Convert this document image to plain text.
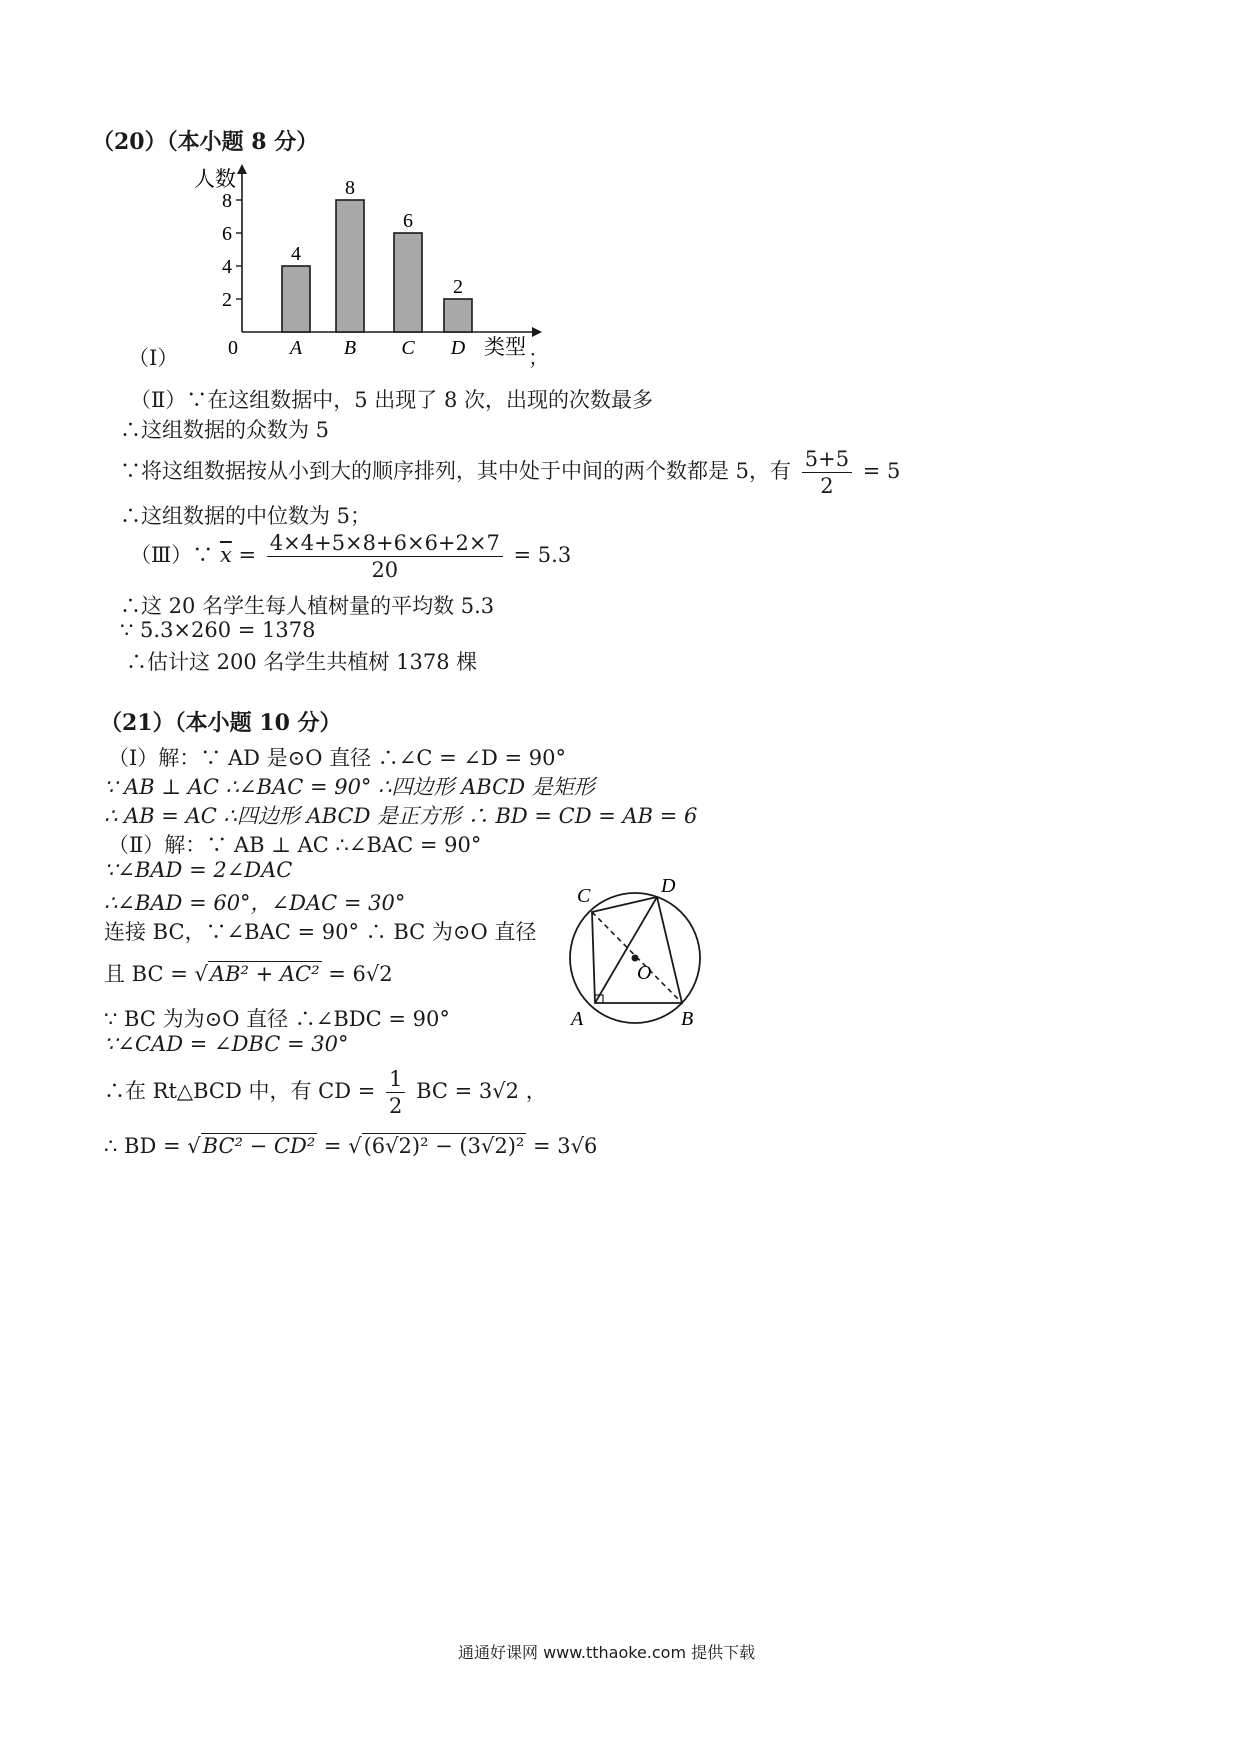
（20）（本小题 8 分）
人数
2
4
6
8
0
4
A
8
B
6
C
2
D 类型
（Ⅰ）	；
（Ⅱ）∵在这组数据中，5 出现了 8 次，出现的次数最多
∴这组数据的众数为 5
∵将这组数据按从小到大的顺序排列，其中处于中间的两个数都是 5，有 $\frac{5+5}{2} = 5$
∴这组数据的中位数为 5；
（Ⅲ）∵ $\overline{x} = \frac{4\times 4+5\times 8+6\times 6+2\times 7}{20} = 5.3$
∴这 20 名学生每人植树量的平均数 5.3
∵ 5.3×260 = 1378
∴估计这 200 名学生共植树 1378 棵
（21）（本小题 10 分）
（Ⅰ）解：∵ AD 是⊙O 直径 ∴∠C = ∠D = 90°
∵ AB ⊥ AC ∴∠BAC = 90° ∴四边形 ABCD 是矩形
∴ AB = AC ∴四边形 ABCD 是正方形 ∴ BD = CD = AB = 6
（Ⅱ）解：∵ AB ⊥ AC ∴∠BAC = 90°
∵∠BAD = 2∠DAC
∴∠BAD = 60°，∠DAC = 30°
连接 BC，∵∠BAC = 90° ∴ BC 为⊙O 直径
且 BC = √AB² + AC² = 6√2
∵ BC 为为⊙O 直径 ∴∠BDC = 90°
∵∠CAD = ∠DBC = 30°
∴在 Rt△BCD 中，有 CD = $\frac{1}{2}$ BC = 3√2 ，
∴ BD = √BC² − CD² = √(6√2)² − (3√2)² = 3√6
C	D
O
A	B
通通好课网 www.tthaoke.com 提供下载
